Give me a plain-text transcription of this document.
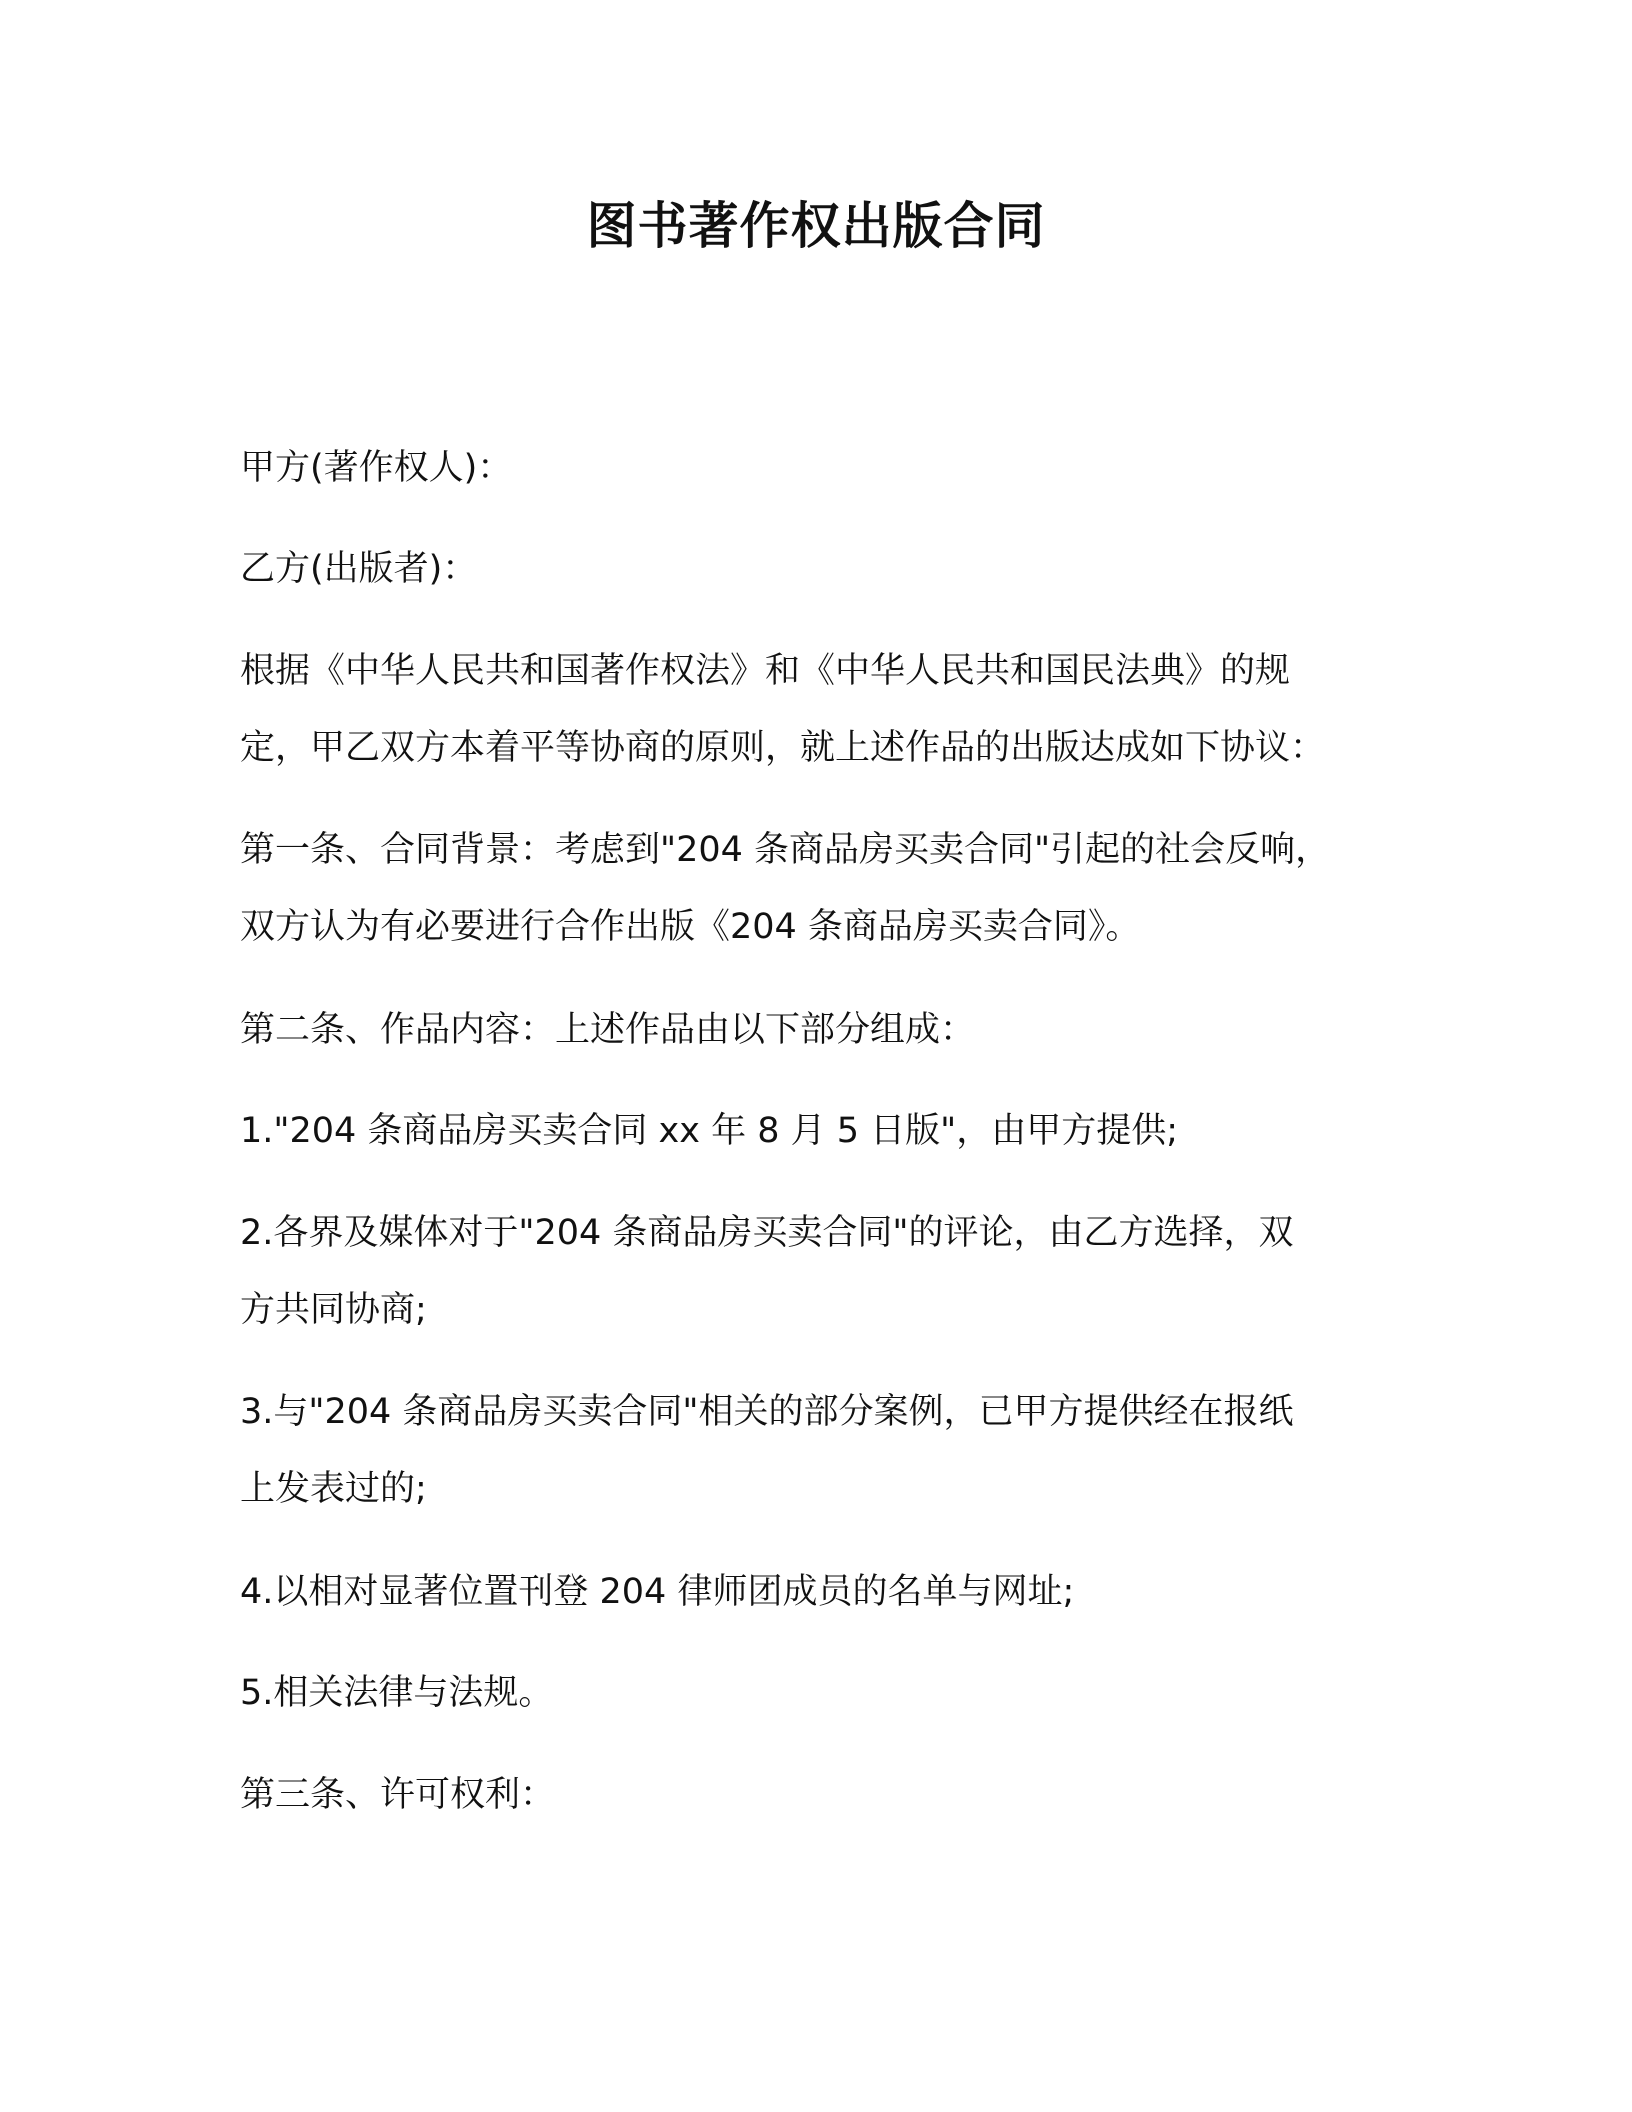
图书著作权出版合同
甲方(著作权人)：
乙方(出版者)：
根据《中华人民共和国著作权法》和《中华人民共和国民法典》的规
定，甲乙双方本着平等协商的原则，就上述作品的出版达成如下协议：
第一条、合同背景：考虑到"204 条商品房买卖合同"引起的社会反响，
双方认为有必要进行合作出版《204 条商品房买卖合同》。
第二条、作品内容：上述作品由以下部分组成：
1."204 条商品房买卖合同 xx 年 8 月 5 日版"，由甲方提供;
2.各界及媒体对于"204 条商品房买卖合同"的评论，由乙方选择，双
方共同协商;
3.与"204 条商品房买卖合同"相关的部分案例，已甲方提供经在报纸
上发表过的;
4.以相对显著位置刊登 204 律师团成员的名单与网址;
5.相关法律与法规。
第三条、许可权利：
